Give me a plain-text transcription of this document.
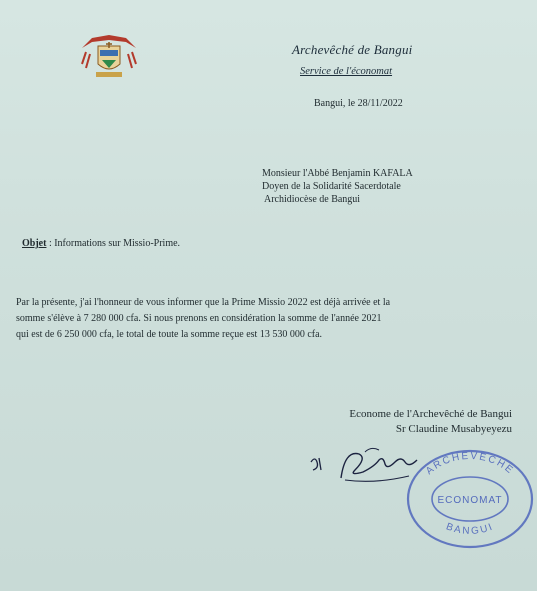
Archevêché de Bangui
Service de l'économat
Bangui, le 28/11/2022
Monsieur l'Abbé Benjamin KAFALA
Doyen de la Solidarité Sacerdotale
Archidiocèse de Bangui
Objet : Informations sur Missio-Prime.
Par la présente, j'ai l'honneur de vous informer que la Prime Missio 2022 est déjà arrivée et la
somme s'élève à 7 280 000 cfa. Si nous prenons en considération la somme de l'année 2021
qui est de 6 250 000 cfa, le total de toute la somme reçue est 13 530 000 cfa.
Econome de l'Archevêché de Bangui
Sr Claudine Musabyeyezu
ARCHEVECHE
ECONOMAT
BANGUI
